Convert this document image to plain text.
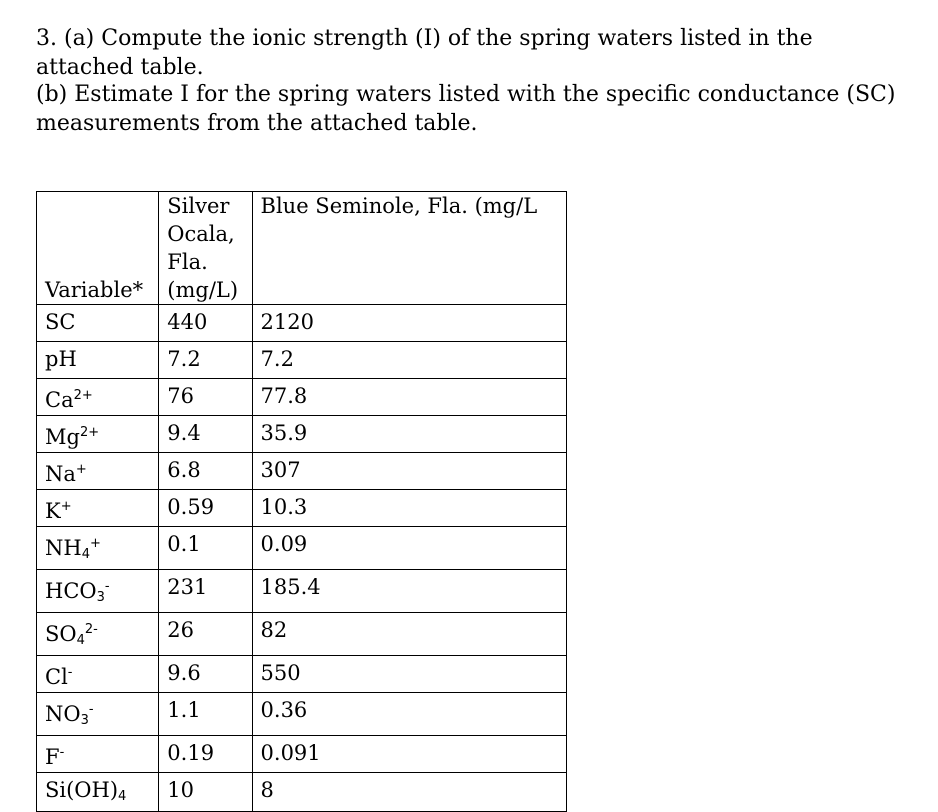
3. (a) Compute the ionic strength (I) of the spring waters listed in the attached table.

(b) Estimate I for the spring waters listed with the specific conductance (SC) measurements from the attached table.

Variable*	Silver Ocala, Fla. (mg/L)	Blue Seminole, Fla. (mg/L
SC	440	2120
pH	7.2	7.2
$Ca^{2+}$	76	77.8
$Mg^{2+}$	9.4	35.9
Na+	6.8	307
K+	0.59	10.3
$NH_4^+$	0.1	0.09
$HCO_3^-$	231	185.4
$SO_4^{2-}$	26	82
Cl-	9.6	550
$NO_3^-$	1.1	0.36
F-	0.19	0.091
$Si(OH)_4$	10	8
